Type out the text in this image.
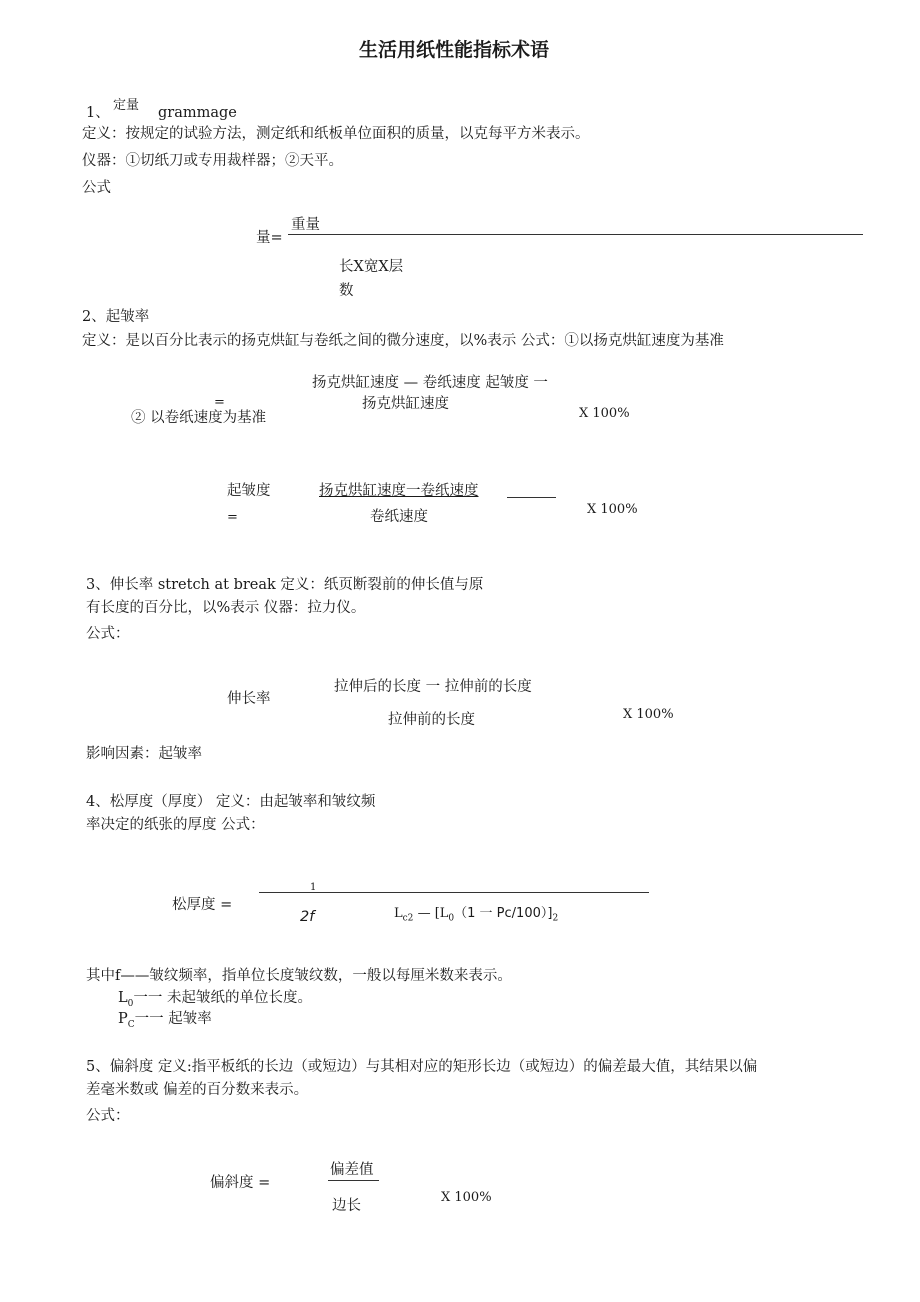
生活用纸性能指标术语
1、 定量 grammage
定义：按规定的试验方法，测定纸和纸板单位面积的质量，以克每平方米表示。
仪器：①切纸刀或专用裁样器；②天平。
公式
量=
重量
长X宽X层
数
2、起皱率
定义：是以百分比表示的扬克烘缸与卷纸之间的微分速度，以%表示 公式：①以扬克烘缸速度为基准
扬克烘缸速度 — 卷纸速度 起皱度 一
=	扬克烘缸速度
② 以卷纸速度为基准	X 100%
起皱度
=
扬克烘缸速度一卷纸速度
卷纸速度	X 100%
3、伸长率 stretch at break 定义：纸页断裂前的伸长值与原
有长度的百分比，以%表示 仪器：拉力仪。
公式：
伸长率
拉伸后的长度 一 拉伸前的长度
拉伸前的长度	X 100%
影响因素：起皱率
4、松厚度（厚度） 定义：由起皱率和皱纹频
率决定的纸张的厚度 公式：
松厚度 =
1
2f	$L_{c2}$ — [$L_0(1$ 一 $Pc/100)]_2$
其中f——皱纹频率，指单位长度皱纹数，一般以每厘米数来表示。
$L_0$一一 未起皱纸的单位长度。
$P_C$一一 起皱率
5、偏斜度 定义:指平板纸的长边（或短边）与其相对应的矩形长边（或短边）的偏差最大值，其结果以偏
差毫米数或 偏差的百分数来表示。
公式：
偏斜度 =
偏差值
边长
X 100%
